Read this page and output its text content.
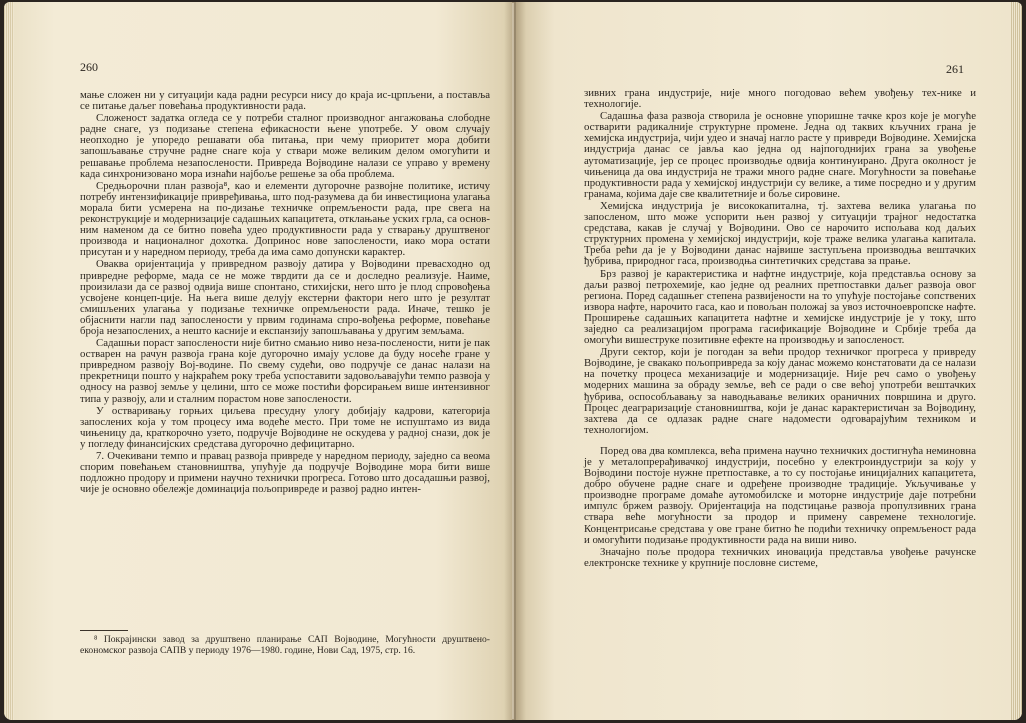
260

мање сложен ни у ситуацији када радни ресурси нису до краја ис-црпљени, а постављa се питање даљег повећања продуктивности рада.

Сложеност задатка огледа се у потреби сталног производног ангажовања слободне радне снаге, уз подизање степена ефикасности њене употребе. У овом случају неопходно је упоредо решавати оба питања, при чему приоритет мора добити запошљавање стручне радне снаге која у ствари може великим делом омогућити и решавање проблема незапослености. Привреда Војводине налази се управо у времену када синхронизовано мора изнаћи најбоље решење за оба проблема.

Средњорочни план развоја⁸, као и елементи дугорочне развојне политике, истичу потребу интензификације привређивања, што под-разумева да би инвестициона улагања морала бити усмерена на по-дизање техничке опремљености рада, пре свега на реконструкције и модернизације садашњих капацитета, отклањање уских грла, са основ-ним наменом да се битно повећа удео продуктивности рада у стварању друштвеног производа и националног дохотка. Допринос нове запослености, иако мора остати присутан и у наредном периоду, треба да има само допунски карактер.

Оваква оријентација у привредном развоју датира у Војводини превасходно од привредне реформе, мада се не може тврдити да се и доследно реализује. Наиме, произилази да се развој одвија више спонтано, стихијски, него што је плод спровођења усвојене концеп-ције. На њега више делују екстерни фактори него што је резултат смишљених улагања у подизање техничке опремљености рада. Иначе, тешко је објаснити нагли пад запослености у првим годинама спро-вођења реформе, повећање броја незапослених, а нешто касније и експанзију запошљавања у другим земљама.

Садашњи пораст запослености није битно смањио ниво неза-послености, нити је пак остварен на рачун развоја грана које дугорочно имају услове да буду носеће гране у привредном развоју Вој-водине. По свему судећи, ово подручје се данас налази на прекретници пошто у најкраћем року треба успоставити задовољавајући темпо развоја у односу на развој земље у целини, што се може постићи форсирањем више интензивног типа у развоју, али и сталним порастом нове запослености.

У остваривању горњих циљева пресудну улогу добијају кадрови, категорија запослених која у том процесу има водеће место. При томе не испуштамо из вида чињеницу да, краткорочно узето, подручје Војводине не оскудева у радној снази, док је у погледу финансијских средстава дугорочно дефицитарно.

7. Очекивани темпо и правац развоја привреде у наредном периоду, заједно са веома спорим повећањем становништва, упућује да подручје Војводине мора бити више подложно продору и примени научно технички прогреса. Готово што досадашњи развој, чије је основно обележје доминација пољопривреде и развој радно интен-

⁸ Покрајински завод за друштвено планирање САП Војводине, Могућности друштвено-економског развоја САПВ у периоду 1976—1980. године, Нови Сад, 1975, стр. 16.

261

зивних грана индустрије, није много погодовао већем увођењу тех-нике и технологије.

Садашња фаза развоја створила је основне упоришне тачке кроз које је могуће остварити радикалније структурне промене. Једна од таквих кључних грана је хемијска индустрија, чији удео и значај нагло расте у привреди Војводине. Хемијска индустрија данас се јавља као једна од најпогоднијих грана за увођење аутоматизације, јер се процес производње одвија континуирано. Друга околност је чињеница да ова индустрија не тражи много радне снаге. Могућности за повећање продуктивности рада у хемијској индустрији су велике, а тиме посредно и у другим гранама, којима даје све квалитетније и боље сировине.

Хемијска индустрија је висококапитална, тј. захтева велика улагања по запосленом, што може успорити њен развој у ситуацији трајног недостатка средстава, какав је случај у Војводини. Ово се нарочито испољава код даљих структурних промена у хемијској индустрији, које траже велика улагања капитала. Треба рећи да је у Војводини данас највише заступљена производња вештачких ђубрива, природног гаса, производња синтетичких средстава за прање.

Брз развој је карактеристика и нафтне индустрије, која представља основу за даљи развој петрохемије, као једне од реалних претпоставки даљег развоја овог региона. Поред садашњег степена развијености на то упућује постојање сопствених извора нафте, нарочито гаса, као и повољан положај за увоз источноевропске нафте. Проширење садашњих капацитета нафтне и хемијске индустрије је у току, што заједно са реализацијом програма гасификације Војводине и Србије треба да омогући вишеструке позитивне ефекте на производњу и запосленост.

Други сектор, који је погодан за већи продор техничког прогреса у привреду Војводине, је свакако пољопривреда за коју данас можемо констатовати да се налази на почетку процеса механизације и модернизације. Није реч само о увођењу модерних машина за обраду земље, већ се ради о све већој употреби вештачких ђубрива, оспособљавању за наводњавање великих ораничних површина и друго. Процес деаграризације становништва, који је данас карактеристичан за Војводину, захтева да се одлазак радне снаге надомести одговарајућим техником и технологијом.

Поред ова два комплекса, већа примена научно техничких достигнућа неминовна је у металопрерађивачкој индустрији, посебно у електроиндустрији за коју у Војводини постоје нужне претпоставке, а то су постојање иницијалних капацитета, добро обучене радне снаге и одређене производне традиције. Укључивање у производне програме домаће аутомобилске и моторне индустрије даје потребни импулс бржем развоју. Оријентација на подстицање развоја пропулзивних грана ствара веће могућности за продор и примену савремене технологије. Концентрисање средстава у ове гране битно ће подићи техничку опремљеност рада и омогућити подизање продуктивности рада на виши ниво.

Значајно поље продора техничких иновација представља увођење рачунске електронске технике у крупније пословне системе,
